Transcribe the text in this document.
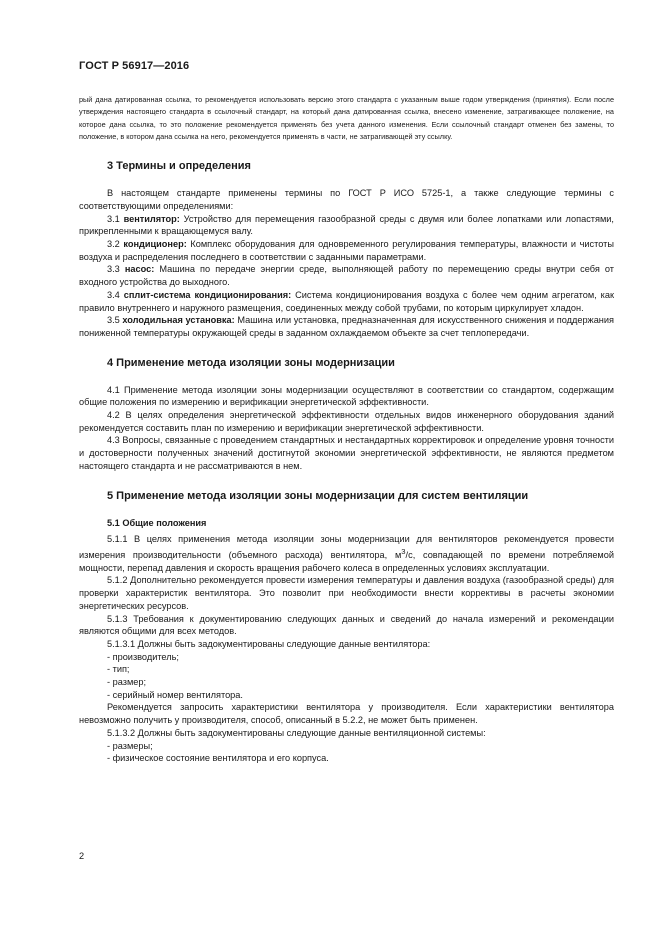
ГОСТ Р 56917—2016

рый дана датированная ссылка, то рекомендуется использовать версию этого стандарта с указанным выше годом утверждения (принятия). Если после утверждения настоящего стандарта в ссылочный стандарт, на который дана датированная ссылка, внесено изменение, затрагивающее положение, на которое дана ссылка, то это положение рекомендуется применять без учета данного изменения. Если ссылочный стандарт отменен без замены, то положение, в котором дана ссылка на него, рекомендуется применять в части, не затрагивающей эту ссылку.

3 Термины и определения

В настоящем стандарте применены термины по ГОСТ Р ИСО 5725-1, а также следующие термины с соответствующими определениями:

3.1 вентилятор: Устройство для перемещения газообразной среды с двумя или более лопатками или лопастями, прикрепленными к вращающемуся валу.

3.2 кондиционер: Комплекс оборудования для одновременного регулирования температуры, влажности и чистоты воздуха и распределения последнего в соответствии с заданными параметрами.

3.3 насос: Машина по передаче энергии среде, выполняющей работу по перемещению среды внутри себя от входного устройства до выходного.

3.4 сплит-система кондиционирования: Система кондиционирования воздуха с более чем одним агрегатом, как правило внутреннего и наружного размещения, соединенных между собой трубами, по которым циркулирует хладон.

3.5 холодильная установка: Машина или установка, предназначенная для искусственного снижения и поддержания пониженной температуры окружающей среды в заданном охлаждаемом объекте за счет теплопередачи.

4 Применение метода изоляции зоны модернизации

4.1 Применение метода изоляции зоны модернизации осуществляют в соответствии со стандартом, содержащим общие положения по измерению и верификации энергетической эффективности.

4.2 В целях определения энергетической эффективности отдельных видов инженерного оборудования зданий рекомендуется составить план по измерению и верификации энергетической эффективности.

4.3 Вопросы, связанные с проведением стандартных и нестандартных корректировок и определение уровня точности и достоверности полученных значений достигнутой экономии энергетической эффективности, не являются предметом настоящего стандарта и не рассматриваются в нем.

5 Применение метода изоляции зоны модернизации для систем вентиляции
5.1 Общие положения

5.1.1 В целях применения метода изоляции зоны модернизации для вентиляторов рекомендуется провести измерения производительности (объемного расхода) вентилятора, $м^3/с$, совпадающей по времени потребляемой мощности, перепад давления и скорость вращения рабочего колеса в определенных условиях эксплуатации.

5.1.2 Дополнительно рекомендуется провести измерения температуры и давления воздуха (газообразной среды) для проверки характеристик вентилятора. Это позволит при необходимости внести коррективы в расчеты экономии энергетических ресурсов.

5.1.3 Требования к документированию следующих данных и сведений до начала измерений и рекомендации являются общими для всех методов.

5.1.3.1 Должны быть задокументированы следующие данные вентилятора:

- производитель;

- тип;

- размер;

- серийный номер вентилятора.

Рекомендуется запросить характеристики вентилятора у производителя. Если характеристики вентилятора невозможно получить у производителя, способ, описанный в 5.2.2, не может быть применен.

5.1.3.2 Должны быть задокументированы следующие данные вентиляционной системы:

- размеры;

- физическое состояние вентилятора и его корпуса.

2
